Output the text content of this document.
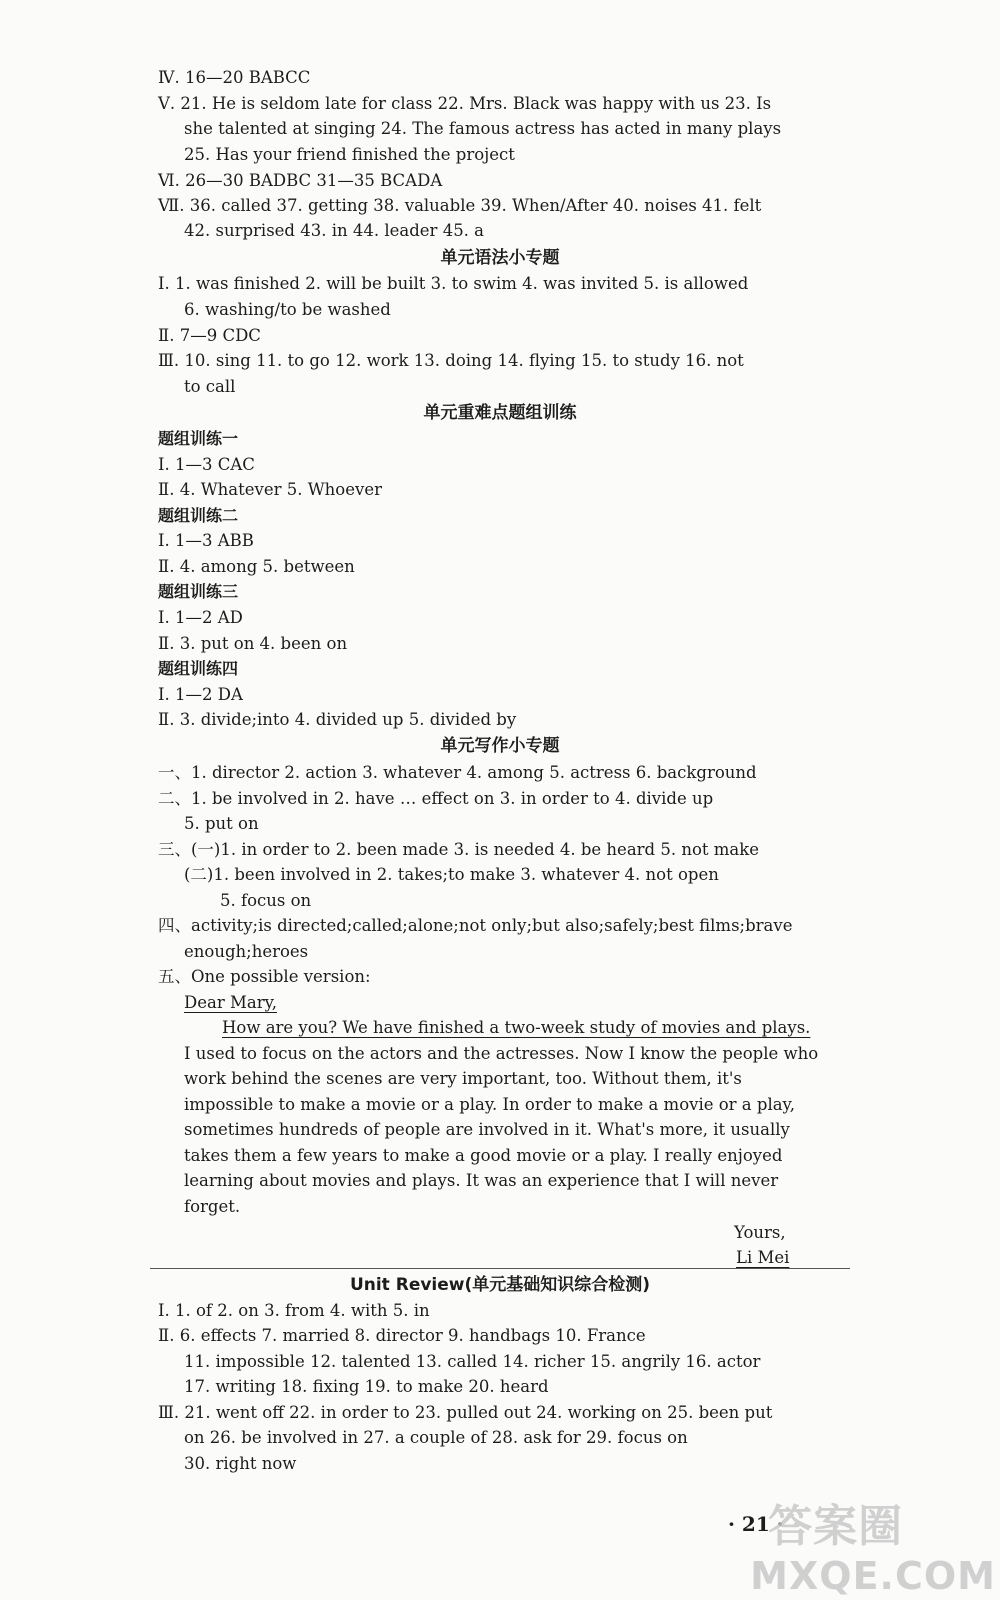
Ⅳ. 16—20 BABCC
Ⅴ. 21. He is seldom late for class 22. Mrs. Black was happy with us 23. Is
she talented at singing 24. The famous actress has acted in many plays
25. Has your friend finished the project
Ⅵ. 26—30 BADBC 31—35 BCADA
Ⅶ. 36. called 37. getting 38. valuable 39. When/After 40. noises 41. felt
42. surprised 43. in 44. leader 45. a
单元语法小专题
Ⅰ. 1. was finished 2. will be built 3. to swim 4. was invited 5. is allowed
6. washing/to be washed
Ⅱ. 7—9 CDC
Ⅲ. 10. sing 11. to go 12. work 13. doing 14. flying 15. to study 16. not
to call
单元重难点题组训练
题组训练一
Ⅰ. 1—3 CAC
Ⅱ. 4. Whatever 5. Whoever
题组训练二
Ⅰ. 1—3 ABB
Ⅱ. 4. among 5. between
题组训练三
Ⅰ. 1—2 AD
Ⅱ. 3. put on 4. been on
题组训练四
Ⅰ. 1—2 DA
Ⅱ. 3. divide;into 4. divided up 5. divided by
单元写作小专题
一、1. director 2. action 3. whatever 4. among 5. actress 6. background
二、1. be involved in 2. have … effect on 3. in order to 4. divide up
5. put on
三、(一)1. in order to 2. been made 3. is needed 4. be heard 5. not make
(二)1. been involved in 2. takes;to make 3. whatever 4. not open
5. focus on
四、activity;is directed;called;alone;not only;but also;safely;best films;brave
enough;heroes
五、One possible version:
Dear Mary,
How are you? We have finished a two-week study of movies and plays.
I used to focus on the actors and the actresses. Now I know the people who
work behind the scenes are very important, too. Without them, it's
impossible to make a movie or a play. In order to make a movie or a play,
sometimes hundreds of people are involved in it. What's more, it usually
takes them a few years to make a good movie or a play. I really enjoyed
learning about movies and plays. It was an experience that I will never
forget.
Yours,
Li Mei
Unit Review(单元基础知识综合检测)
Ⅰ. 1. of 2. on 3. from 4. with 5. in
Ⅱ. 6. effects 7. married 8. director 9. handbags 10. France
11. impossible 12. talented 13. called 14. richer 15. angrily 16. actor
17. writing 18. fixing 19. to make 20. heard
Ⅲ. 21. went off 22. in order to 23. pulled out 24. working on 25. been put
on 26. be involved in 27. a couple of 28. ask for 29. focus on
30. right now
· 21 ·
答案圈
MXQE.COM
